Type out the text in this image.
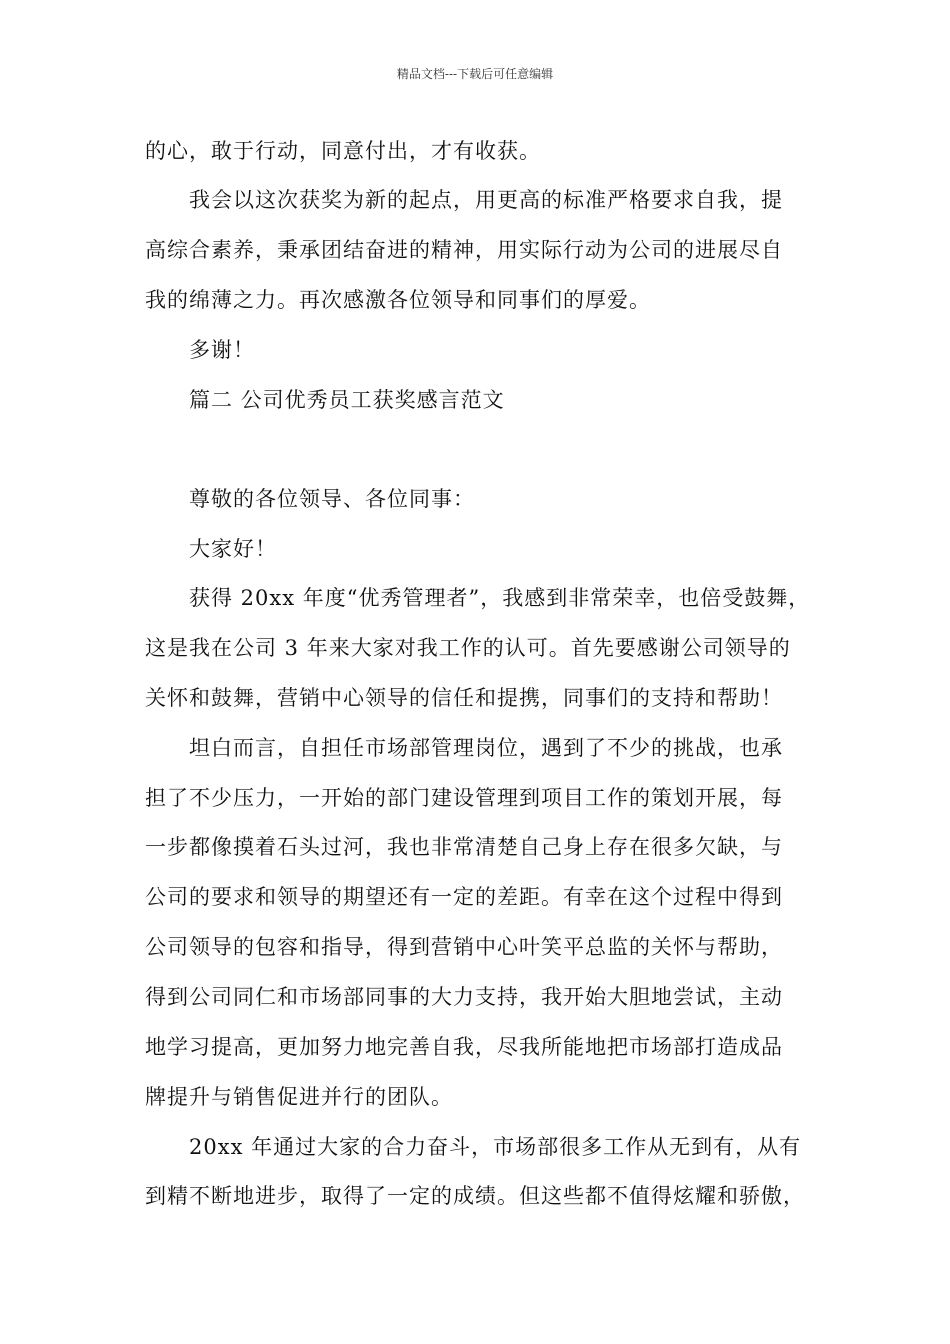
精品文档---下载后可任意编辑
的心，敢于行动，同意付出，才有收获。
我会以这次获奖为新的起点，用更高的标准严格要求自我，提
高综合素养，秉承团结奋进的精神，用实际行动为公司的进展尽自
我的绵薄之力。再次感激各位领导和同事们的厚爱。
多谢！
篇二 公司优秀员工获奖感言范文
尊敬的各位领导、各位同事：
大家好！
获得 20xx 年度“优秀管理者”，我感到非常荣幸，也倍受鼓舞，
这是我在公司 3 年来大家对我工作的认可。首先要感谢公司领导的
关怀和鼓舞，营销中心领导的信任和提携，同事们的支持和帮助！
坦白而言，自担任市场部管理岗位，遇到了不少的挑战，也承
担了不少压力，一开始的部门建设管理到项目工作的策划开展，每
一步都像摸着石头过河，我也非常清楚自己身上存在很多欠缺，与
公司的要求和领导的期望还有一定的差距。有幸在这个过程中得到
公司领导的包容和指导，得到营销中心叶笑平总监的关怀与帮助，
得到公司同仁和市场部同事的大力支持，我开始大胆地尝试，主动
地学习提高，更加努力地完善自我，尽我所能地把市场部打造成品
牌提升与销售促进并行的团队。
20xx 年通过大家的合力奋斗，市场部很多工作从无到有，从有
到精不断地进步，取得了一定的成绩。但这些都不值得炫耀和骄傲，
